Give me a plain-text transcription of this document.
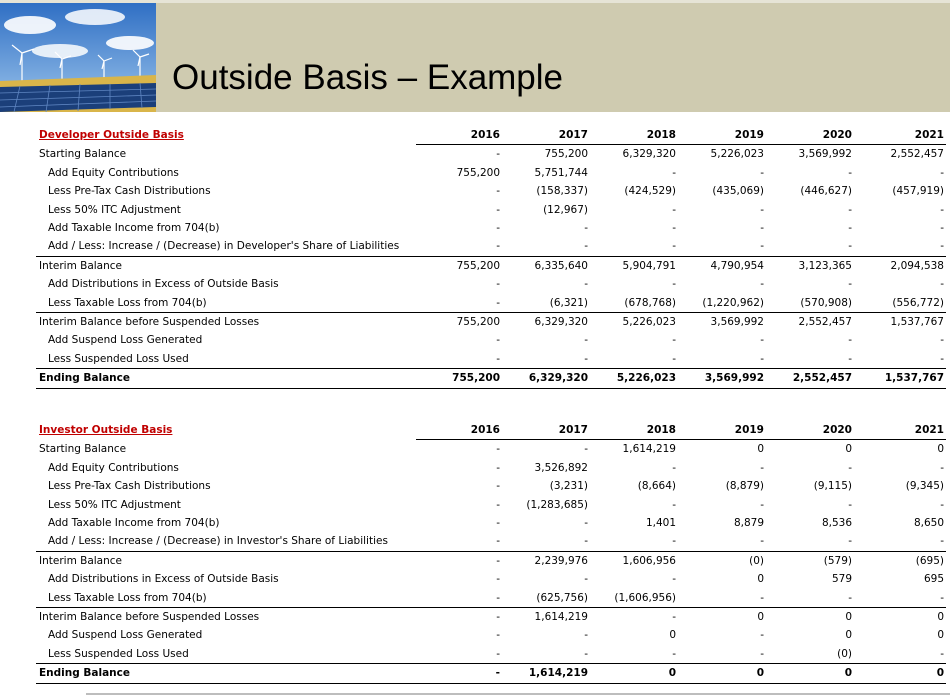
Outside Basis – Example
Developer Outside Basis	2016	2017	2018	2019	2020	2021
Starting Balance	-	755,200	6,329,320	5,226,023	3,569,992	2,552,457
Add Equity Contributions	755,200	5,751,744	-	-	-	-
Less Pre-Tax Cash Distributions	-	(158,337)	(424,529)	(435,069)	(446,627)	(457,919)
Less 50% ITC Adjustment	-	(12,967)	-	-	-	-
Add Taxable Income from 704(b)	-	-	-	-	-	-
Add / Less: Increase / (Decrease) in Developer's Share of Liabilities	-	-	-	-	-	-
Interim Balance	755,200	6,335,640	5,904,791	4,790,954	3,123,365	2,094,538
Add Distributions in Excess of Outside Basis	-	-	-	-	-	-
Less Taxable Loss from 704(b)	-	(6,321)	(678,768)	(1,220,962)	(570,908)	(556,772)
Interim Balance before Suspended Losses	755,200	6,329,320	5,226,023	3,569,992	2,552,457	1,537,767
Add Suspend Loss Generated	-	-	-	-	-	-
Less Suspended Loss Used	-	-	-	-	-	-
Ending Balance	755,200	6,329,320	5,226,023	3,569,992	2,552,457	1,537,767
Investor Outside Basis	2016	2017	2018	2019	2020	2021
Starting Balance	-	-	1,614,219	0	0	0
Add Equity Contributions	-	3,526,892	-	-	-	-
Less Pre-Tax Cash Distributions	-	(3,231)	(8,664)	(8,879)	(9,115)	(9,345)
Less 50% ITC Adjustment	-	(1,283,685)	-	-	-	-
Add Taxable Income from 704(b)	-	-	1,401	8,879	8,536	8,650
Add / Less: Increase / (Decrease) in Investor's Share of Liabilities	-	-	-	-	-	-
Interim Balance	-	2,239,976	1,606,956	(0)	(579)	(695)
Add Distributions in Excess of Outside Basis	-	-	-	0	579	695
Less Taxable Loss from 704(b)	-	(625,756)	(1,606,956)	-	-	-
Interim Balance before Suspended Losses	-	1,614,219	-	0	0	0
Add Suspend Loss Generated	-	-	0	-	0	0
Less Suspended Loss Used	-	-	-	-	(0)	-
Ending Balance	-	1,614,219	0	0	0	0
